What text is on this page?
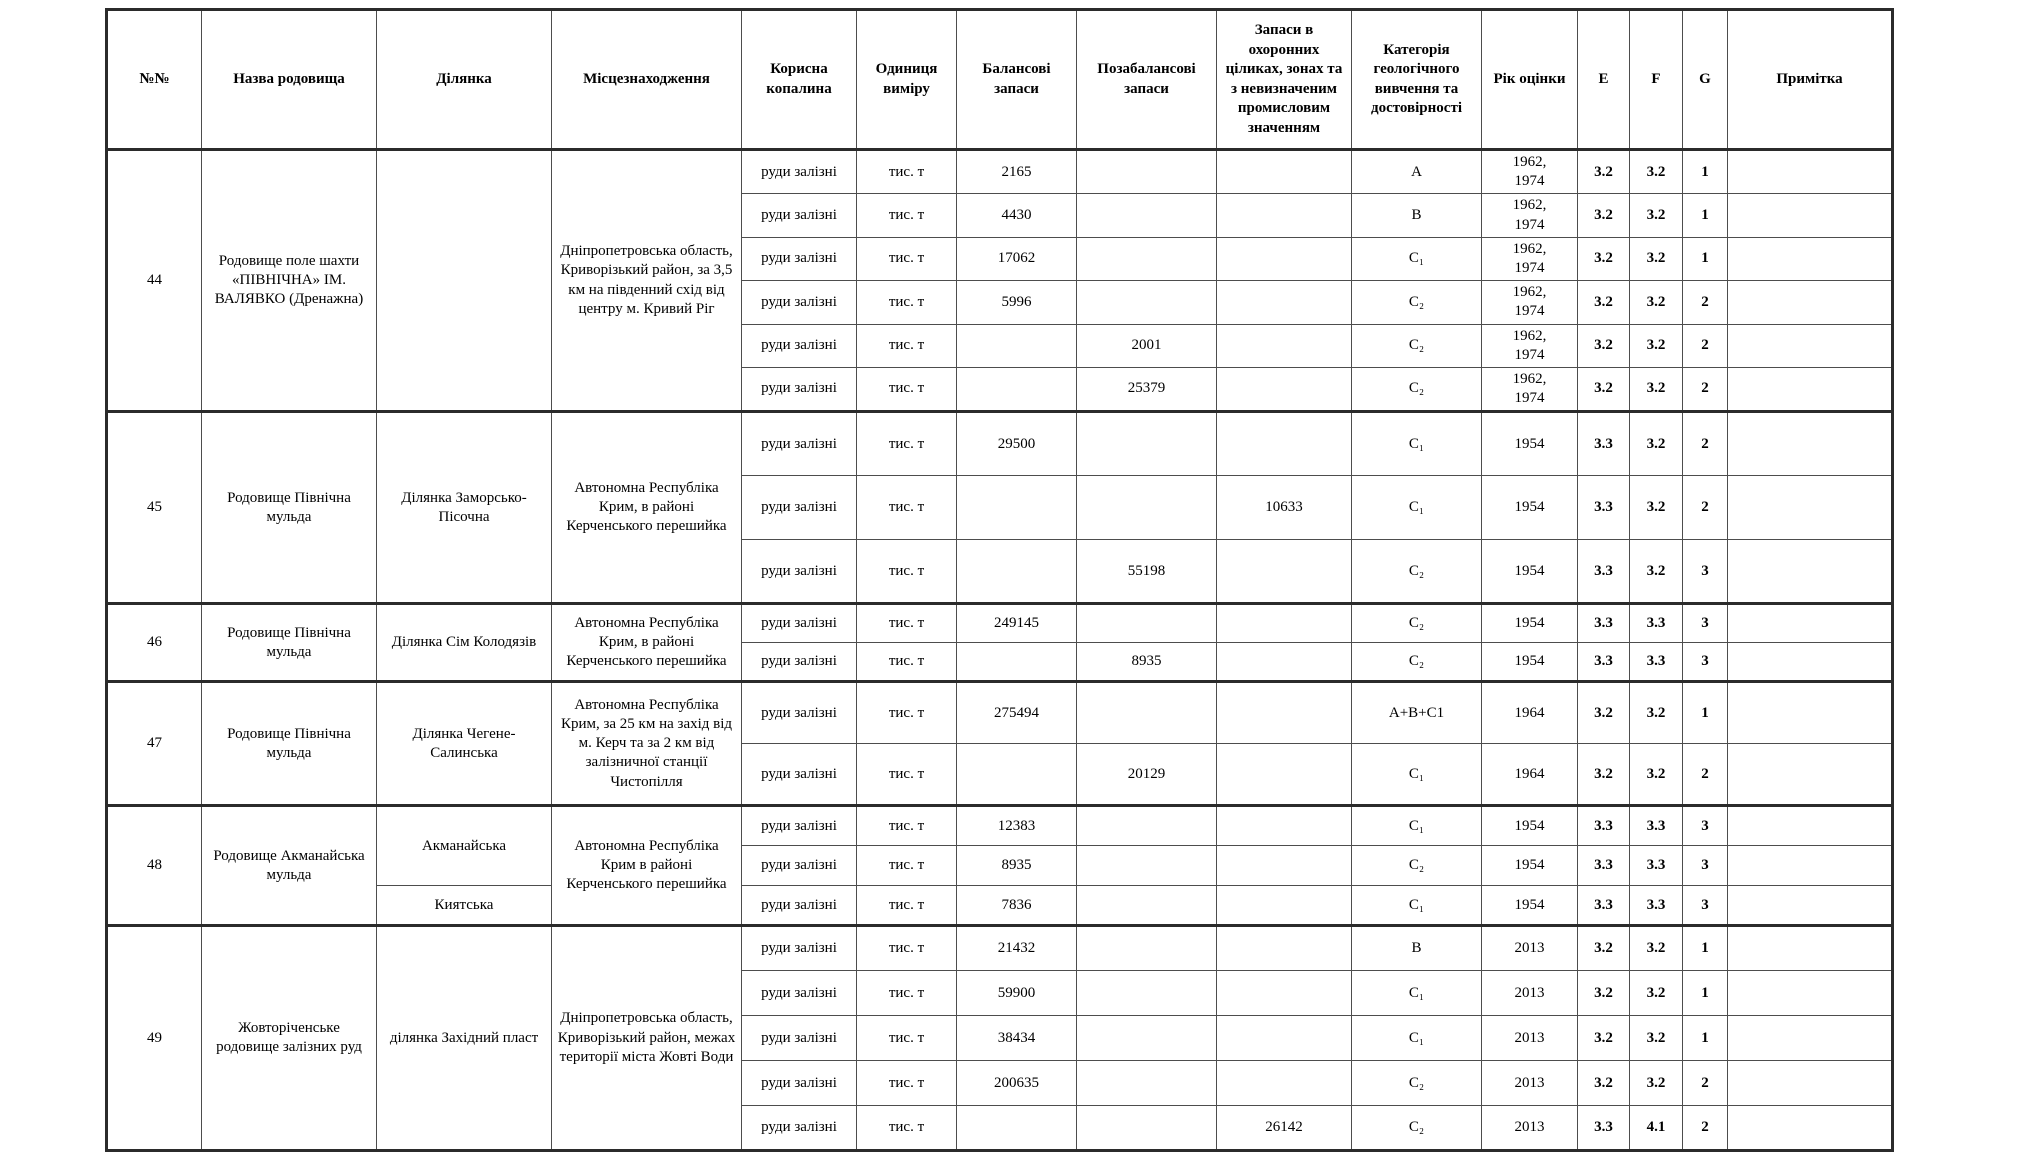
№№	Назва родовища	Ділянка	Місцезнаходження	Корисна копалина	Одиниця виміру	Балансові запаси	Позабалансові запаси	Запаси в охоронних ціликах, зонах та з невизначеним промисловим значенням	Категорія геологічного вивчення та достовірності	Рік оцінки	E	F	G	Примітка
44	Родовище поле шахти «ПІВНІЧНА» ІМ. ВАЛЯВКО (Дренажна)		Дніпропетровська область, Криворізький район, за 3,5 км на південний схід від центру м. Кривий Ріг	руди залізні	тис. т	2165			А	1962, 1974	3.2	3.2	1	
				руди залізні	тис. т	4430			В	1962, 1974	3.2	3.2	1	
				руди залізні	тис. т	17062			С₁	1962, 1974	3.2	3.2	1	
				руди залізні	тис. т	5996			С₂	1962, 1974	3.2	3.2	2	
				руди залізні	тис. т		2001		С₂	1962, 1974	3.2	3.2	2	
				руди залізні	тис. т		25379		С₂	1962, 1974	3.2	3.2	2	
45	Родовище Північна мульда	Ділянка Заморсько-Пісочна	Автономна Республіка Крим, в районі Керченського перешийка	руди залізні	тис. т	29500			С₁	1954	3.3	3.2	2	
				руди залізні	тис. т			10633	С₁	1954	3.3	3.2	2	
				руди залізні	тис. т		55198		С₂	1954	3.3	3.2	3	
46	Родовище Північна мульда	Ділянка Сім Колодязів	Автономна Республіка Крим, в районі Керченського перешийка	руди залізні	тис. т	249145			С₂	1954	3.3	3.3	3	
				руди залізні	тис. т		8935		С₂	1954	3.3	3.3	3	
47	Родовище Північна мульда	Ділянка Чегене-Салинська	Автономна Республіка Крим, за 25 км на захід від м. Керч та за 2 км від залізничної станції Чистопілля	руди залізні	тис. т	275494			А+В+С1	1964	3.2	3.2	1	
				руди залізні	тис. т		20129		С₁	1964	3.2	3.2	2	
48	Родовище Акманайська мульда	Акманайська	Автономна Республіка Крим в районі Керченського перешийка	руди залізні	тис. т	12383			С₁	1954	3.3	3.3	3	
				руди залізні	тис. т	8935			С₂	1954	3.3	3.3	3	
		Киятська		руди залізні	тис. т	7836			С₁	1954	3.3	3.3	3	
49	Жовторіченське родовище залізних руд	ділянка Західний пласт	Дніпропетровська область, Криворізький район, межах території міста Жовті Води	руди залізні	тис. т	21432			В	2013	3.2	3.2	1	
				руди залізні	тис. т	59900			С₁	2013	3.2	3.2	1	
				руди залізні	тис. т	38434			С₁	2013	3.2	3.2	1	
				руди залізні	тис. т	200635			С₂	2013	3.2	3.2	2	
				руди залізні	тис. т			26142	С₂	2013	3.3	4.1	2	
